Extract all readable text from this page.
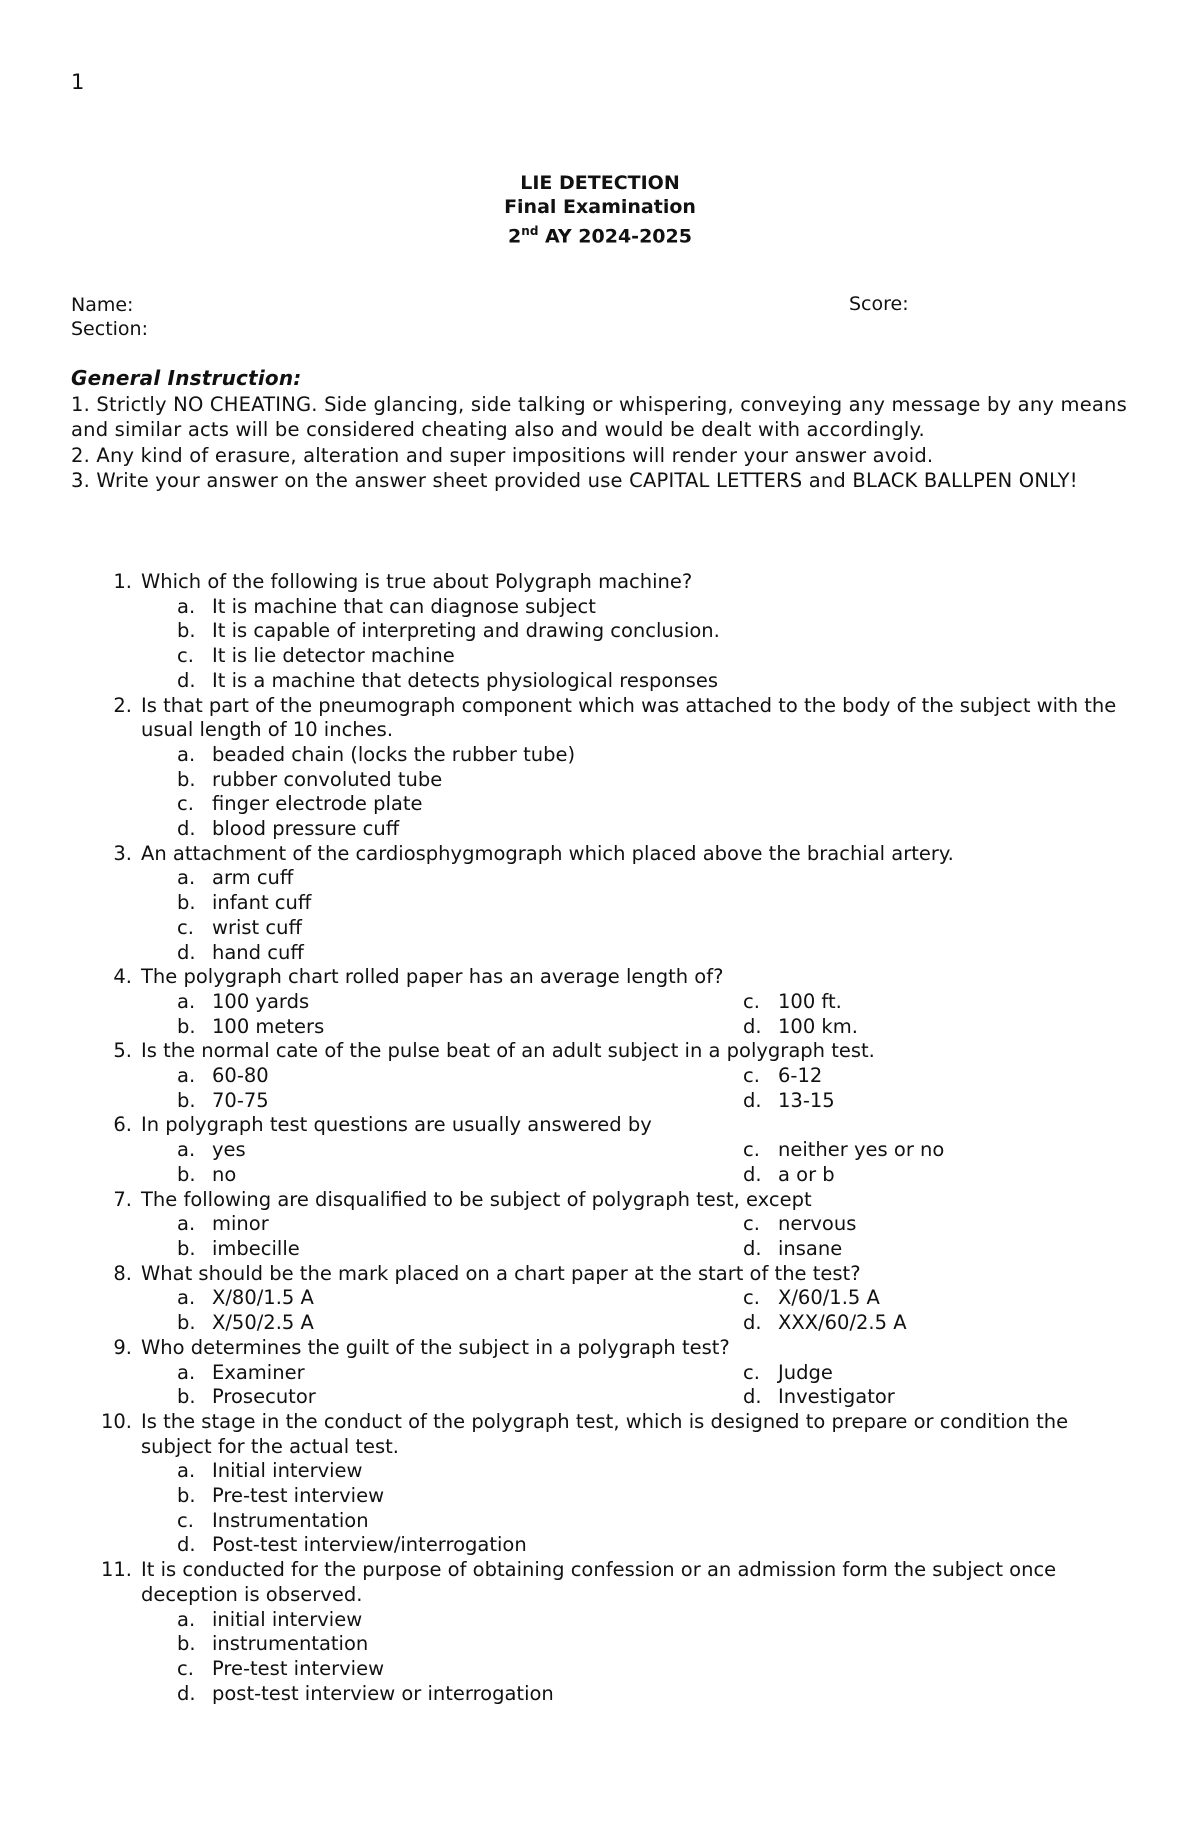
1
LIE DETECTION
Final Examination
2nd AY 2024-2025
Name:
Section:
Score:
General Instruction:
1. Strictly NO CHEATING. Side glancing, side talking or whispering, conveying any message by any means and similar acts will be considered cheating also and would be dealt with accordingly.
2. Any kind of erasure, alteration and super impositions will render your answer avoid.
3. Write your answer on the answer sheet provided use CAPITAL LETTERS and BLACK BALLPEN ONLY!
1. Which of the following is true about Polygraph machine?
a. It is machine that can diagnose subject
b. It is capable of interpreting and drawing conclusion.
c. It is lie detector machine
d. It is a machine that detects physiological responses
2. Is that part of the pneumograph component which was attached to the body of the subject with the usual length of 10 inches.
a. beaded chain (locks the rubber tube)
b. rubber convoluted tube
c. finger electrode plate
d. blood pressure cuff
3. An attachment of the cardiosphygmograph which placed above the brachial artery.
a. arm cuff
b. infant cuff
c. wrist cuff
d. hand cuff
4. The polygraph chart rolled paper has an average length of?
a. 100 yards	c. 100 ft.
b. 100 meters	d. 100 km.
5. Is the normal cate of the pulse beat of an adult subject in a polygraph test.
a. 60-80	c. 6-12
b. 70-75	d. 13-15
6. In polygraph test questions are usually answered by
a. yes	c. neither yes or no
b. no	d. a or b
7. The following are disqualified to be subject of polygraph test, except
a. minor	c. nervous
b. imbecille	d. insane
8. What should be the mark placed on a chart paper at the start of the test?
a. X/80/1.5 A	c. X/60/1.5 A
b. X/50/2.5 A	d. XXX/60/2.5 A
9. Who determines the guilt of the subject in a polygraph test?
a. Examiner	c. Judge
b. Prosecutor	d. Investigator
10. Is the stage in the conduct of the polygraph test, which is designed to prepare or condition the subject for the actual test.
a. Initial interview
b. Pre-test interview
c. Instrumentation
d. Post-test interview/interrogation
11. It is conducted for the purpose of obtaining confession or an admission form the subject once deception is observed.
a. initial interview
b. instrumentation
c. Pre-test interview
d. post-test interview or interrogation
